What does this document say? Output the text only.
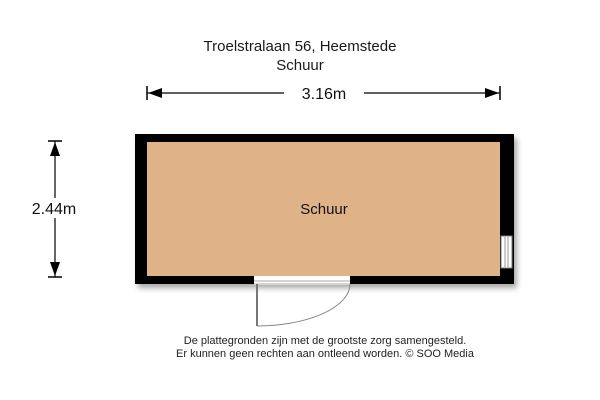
Troelstralaan 56, Heemstede
Schuur
3.16m
2.44m	Schuur
De plattegronden zijn met de grootste zorg samengesteld.
Er kunnen geen rechten aan ontleend worden. © SOO Media
